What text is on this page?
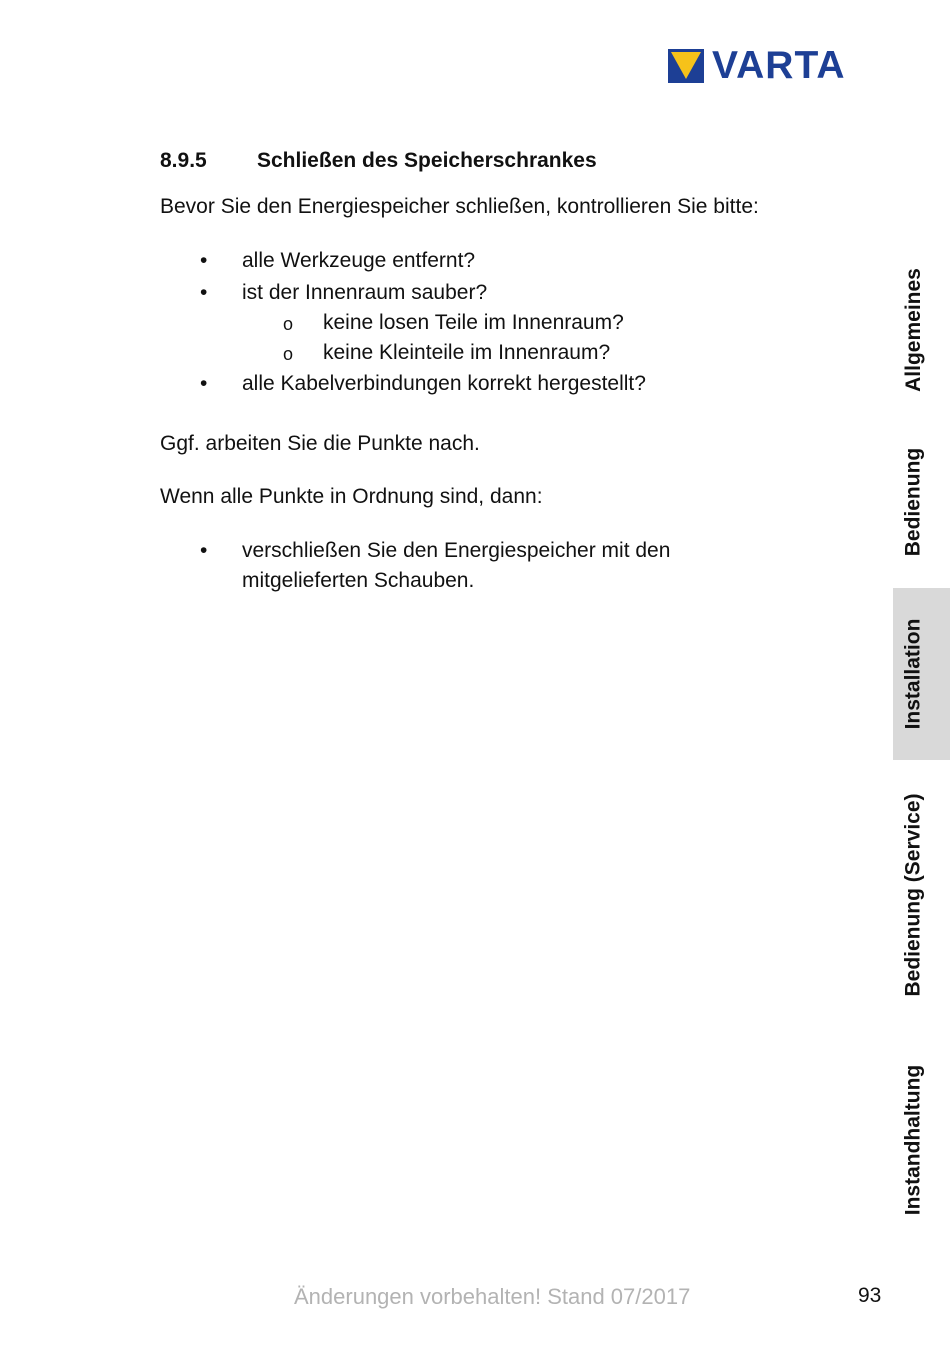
VARTA
8.9.5 Schließen des Speicherschrankes
Bevor Sie den Energiespeicher schließen, kontrollieren Sie bitte:
• alle Werkzeuge entfernt?
• ist der Innenraum sauber?
o keine losen Teile im Innenraum?
o keine Kleinteile im Innenraum?
• alle Kabelverbindungen korrekt hergestellt?
Ggf. arbeiten Sie die Punkte nach.
Wenn alle Punkte in Ordnung sind, dann:
• verschließen Sie den Energiespeicher mit den
mitgelieferten Schauben.
Allgemeines
Bedienung
Installation
Bedienung (Service)
Instandhaltung
Änderungen vorbehalten! Stand 07/2017	93
